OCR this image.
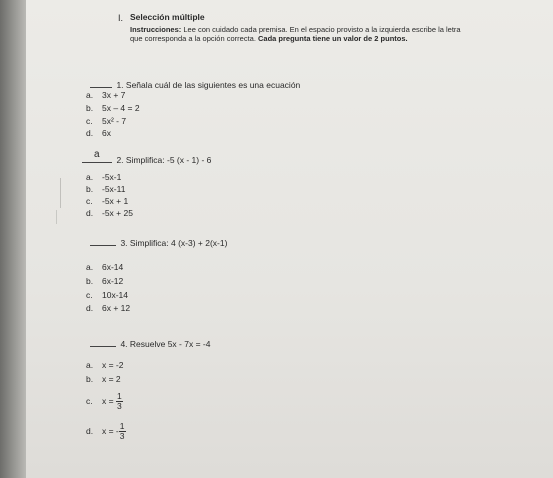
I. Selección múltiple
Instrucciones: Lee con cuidado cada premisa. En el espacio provisto a la izquierda escribe la letra
que corresponda a la opción correcta. Cada pregunta tiene un valor de 2 puntos.
1. Señala cuál de las siguientes es una ecuación
a. 3x + 7
b. 5x – 4 = 2
c. 5x² - 7
d. 6x
a 2. Simplifica: -5 (x - 1) - 6
a. -5x-1
b. -5x-11
c. -5x + 1
d. -5x + 25
3. Simplifica: 4 (x-3) + 2(x-1)
a. 6x-14
b. 6x-12
c. 10x-14
d. 6x + 12
4. Resuelve 5x - 7x = -4
a. x = -2
b. x = 2
c. $x = \frac{1}{3}$
d. x = - $\frac{1}{3}$
